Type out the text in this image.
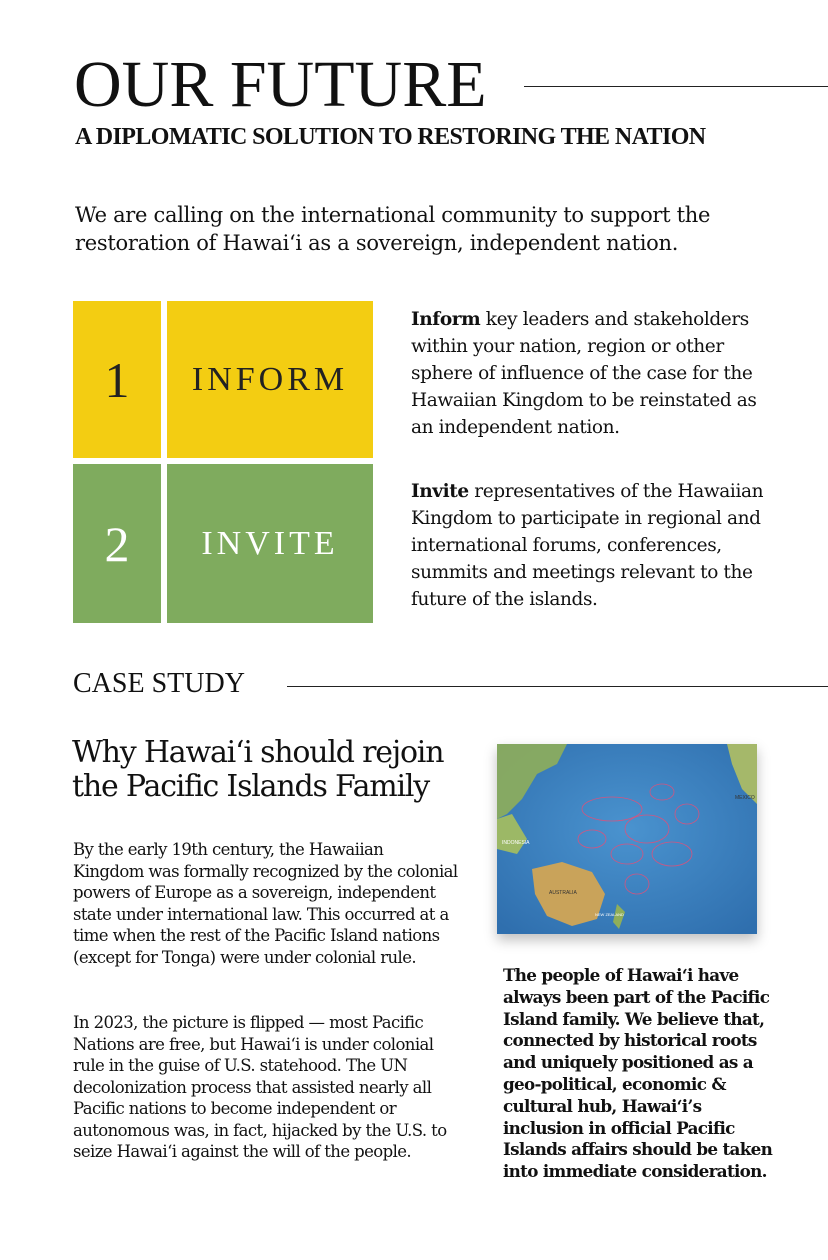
OUR FUTURE
A DIPLOMATIC SOLUTION TO RESTORING THE NATION
We are calling on the international community to support the restoration of Hawaiʻi as a sovereign, independent nation.
1 INFORM
2 INVITE
Inform key leaders and stakeholders within your nation, region or other sphere of influence of the case for the Hawaiian Kingdom to be reinstated as an independent nation.
Invite representatives of the Hawaiian Kingdom to participate in regional and international forums, conferences, summits and meetings relevant to the future of the islands.
CASE STUDY
Why Hawaiʻi should rejoin the Pacific Islands Family
By the early 19th century, the Hawaiian Kingdom was formally recognized by the colonial powers of Europe as a sovereign, independent state under international law. This occurred at a time when the rest of the Pacific Island nations (except for Tonga) were under colonial rule.
In 2023, the picture is flipped — most Pacific Nations are free, but Hawaiʻi is under colonial rule in the guise of U.S. statehood. The UN decolonization process that assisted nearly all Pacific nations to become independent or autonomous was, in fact, hijacked by the U.S. to seize Hawaiʻi against the will of the people.
AUSTRALIA
INDONESIA
MEXICO
NEW ZEALAND
The people of Hawaiʻi have always been part of the Pacific Island family. We believe that, connected by historical roots and uniquely positioned as a geo-political, economic & cultural hub, Hawaiʻi’s inclusion in official Pacific Islands affairs should be taken into immediate consideration.
